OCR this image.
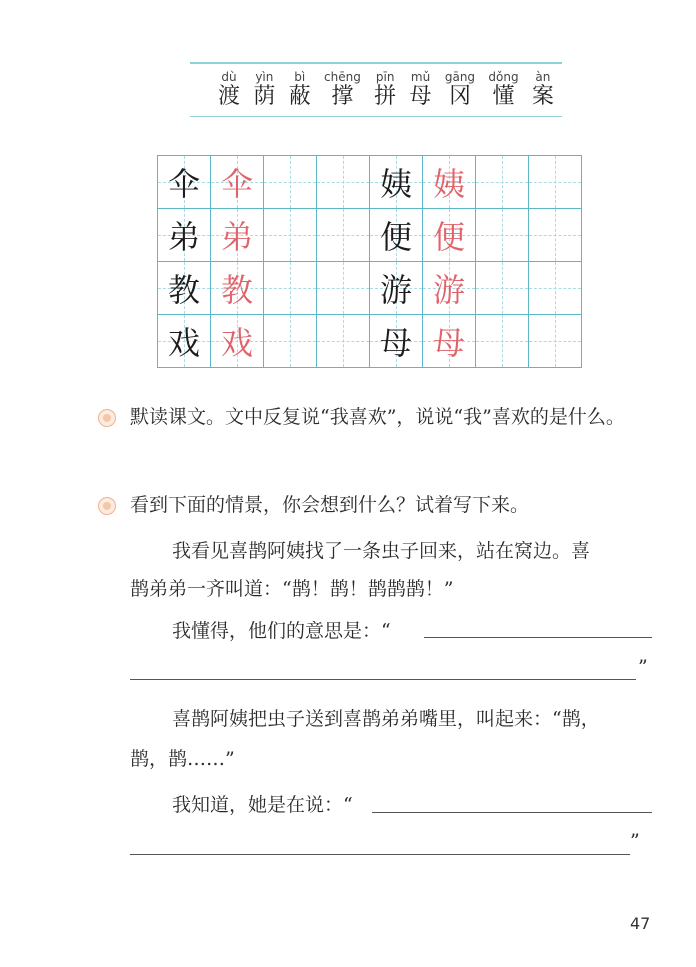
dù
渡
yìn
荫
bì
蔽
chēng
撑
pīn
拼
mǔ
母
gāng
冈
dǒng
懂
àn
案
伞	伞			姨	姨		

弟	弟			便	便		

教	教			游	游		

戏	戏			母	母		

默读课文。文中反复说“我喜欢”，说说“我”喜欢的是什么。
看到下面的情景，你会想到什么？试着写下来。
我看见喜鹊阿姨找了一条虫子回来，站在窝边。喜
鹊弟弟一齐叫道：“鹊！鹊！鹊鹊鹊！”
我懂得，他们的意思是：“
”
喜鹊阿姨把虫子送到喜鹊弟弟嘴里，叫起来：“鹊，
鹊，鹊……”
我知道，她是在说：“
”
47
